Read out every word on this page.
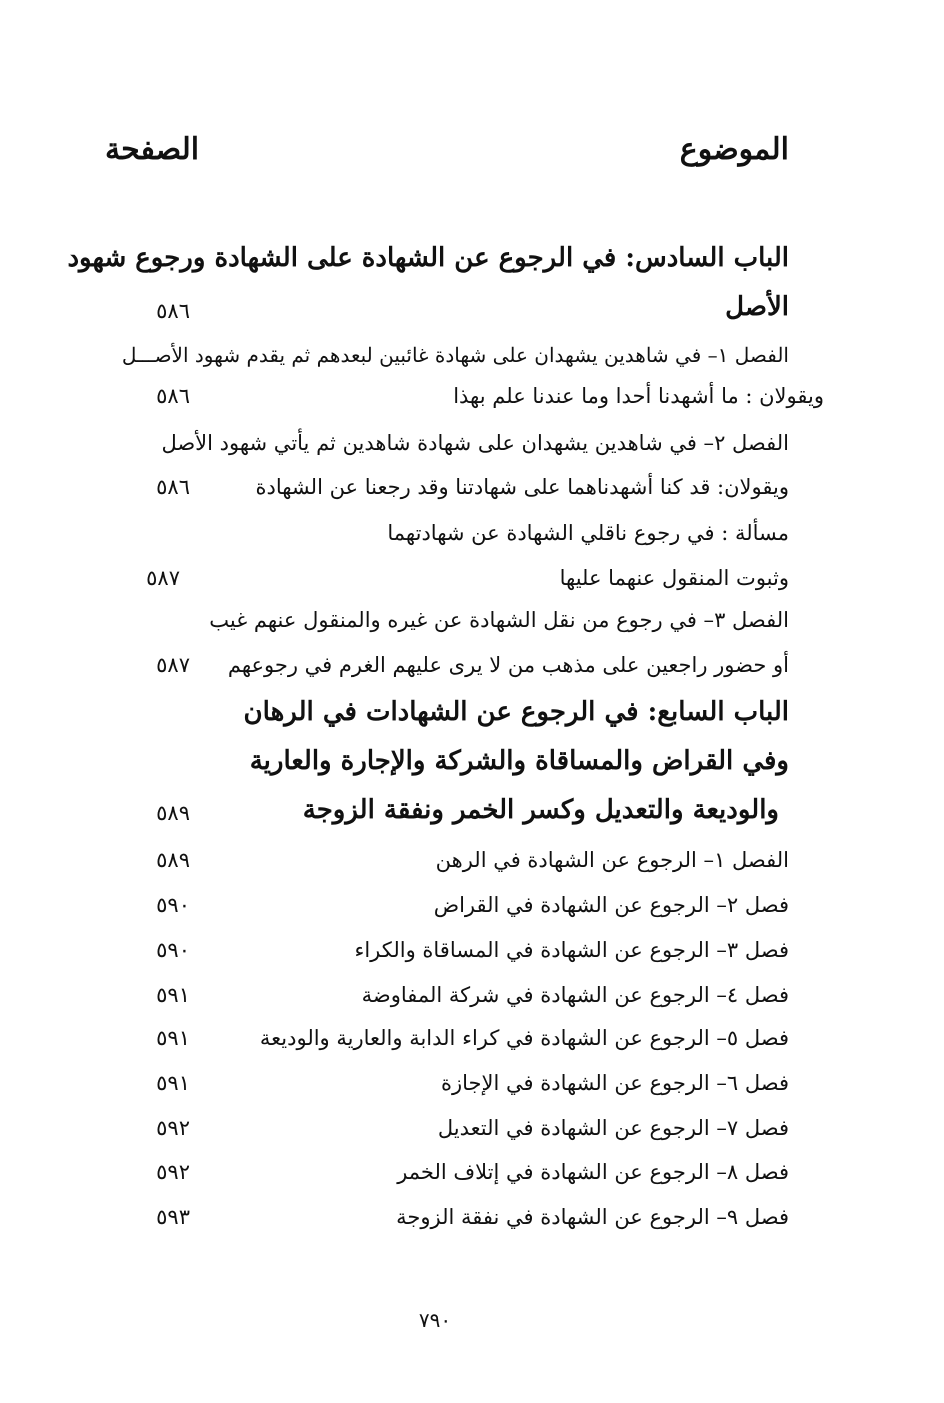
الموضوع
الصفحة
الباب السادس: في الرجوع عن الشهادة على الشهادة ورجوع شهود
الأصل
٥٨٦
الفصل ١– في شاهدين يشهدان على شهادة غائبين لبعدهم ثم يقدم شهود الأصـــل
ويقولان : ما أشهدنا أحدا وما عندنا علم بهذا
٥٨٦
الفصل ٢– في شاهدين يشهدان على شهادة شاهدين ثم يأتي شهود الأصل
ويقولان: قد كنا أشهدناهما على شهادتنا وقد رجعنا عن الشهادة
٥٨٦
مسألة : في رجوع ناقلي الشهادة عن شهادتهما
وثبوت المنقول عنهما عليها
٥٨٧
الفصل ٣– في رجوع من نقل الشهادة عن غيره والمنقول عنهم غيب
أو حضور راجعين على مذهب من لا يرى عليهم الغرم في رجوعهم
٥٨٧
الباب السابع: في الرجوع عن الشهادات في الرهان
وفي القراض والمساقاة والشركة والإجارة والعارية
والوديعة والتعديل وكسر الخمر ونفقة الزوجة
٥٨٩
الفصل ١– الرجوع عن الشهادة في الرهن
٥٨٩
فصل ٢– الرجوع عن الشهادة في القراض
٥٩٠
فصل ٣– الرجوع عن الشهادة في المساقاة والكراء
٥٩٠
فصل ٤– الرجوع عن الشهادة في شركة المفاوضة
٥٩١
فصل ٥– الرجوع عن الشهادة في كراء الدابة والعارية والوديعة
٥٩١
فصل ٦– الرجوع عن الشهادة في الإجازة
٥٩١
فصل ٧– الرجوع عن الشهادة في التعديل
٥٩٢
فصل ٨– الرجوع عن الشهادة في إتلاف الخمر
٥٩٢
فصل ٩– الرجوع عن الشهادة في نفقة الزوجة
٥٩٣
٧٩٠
